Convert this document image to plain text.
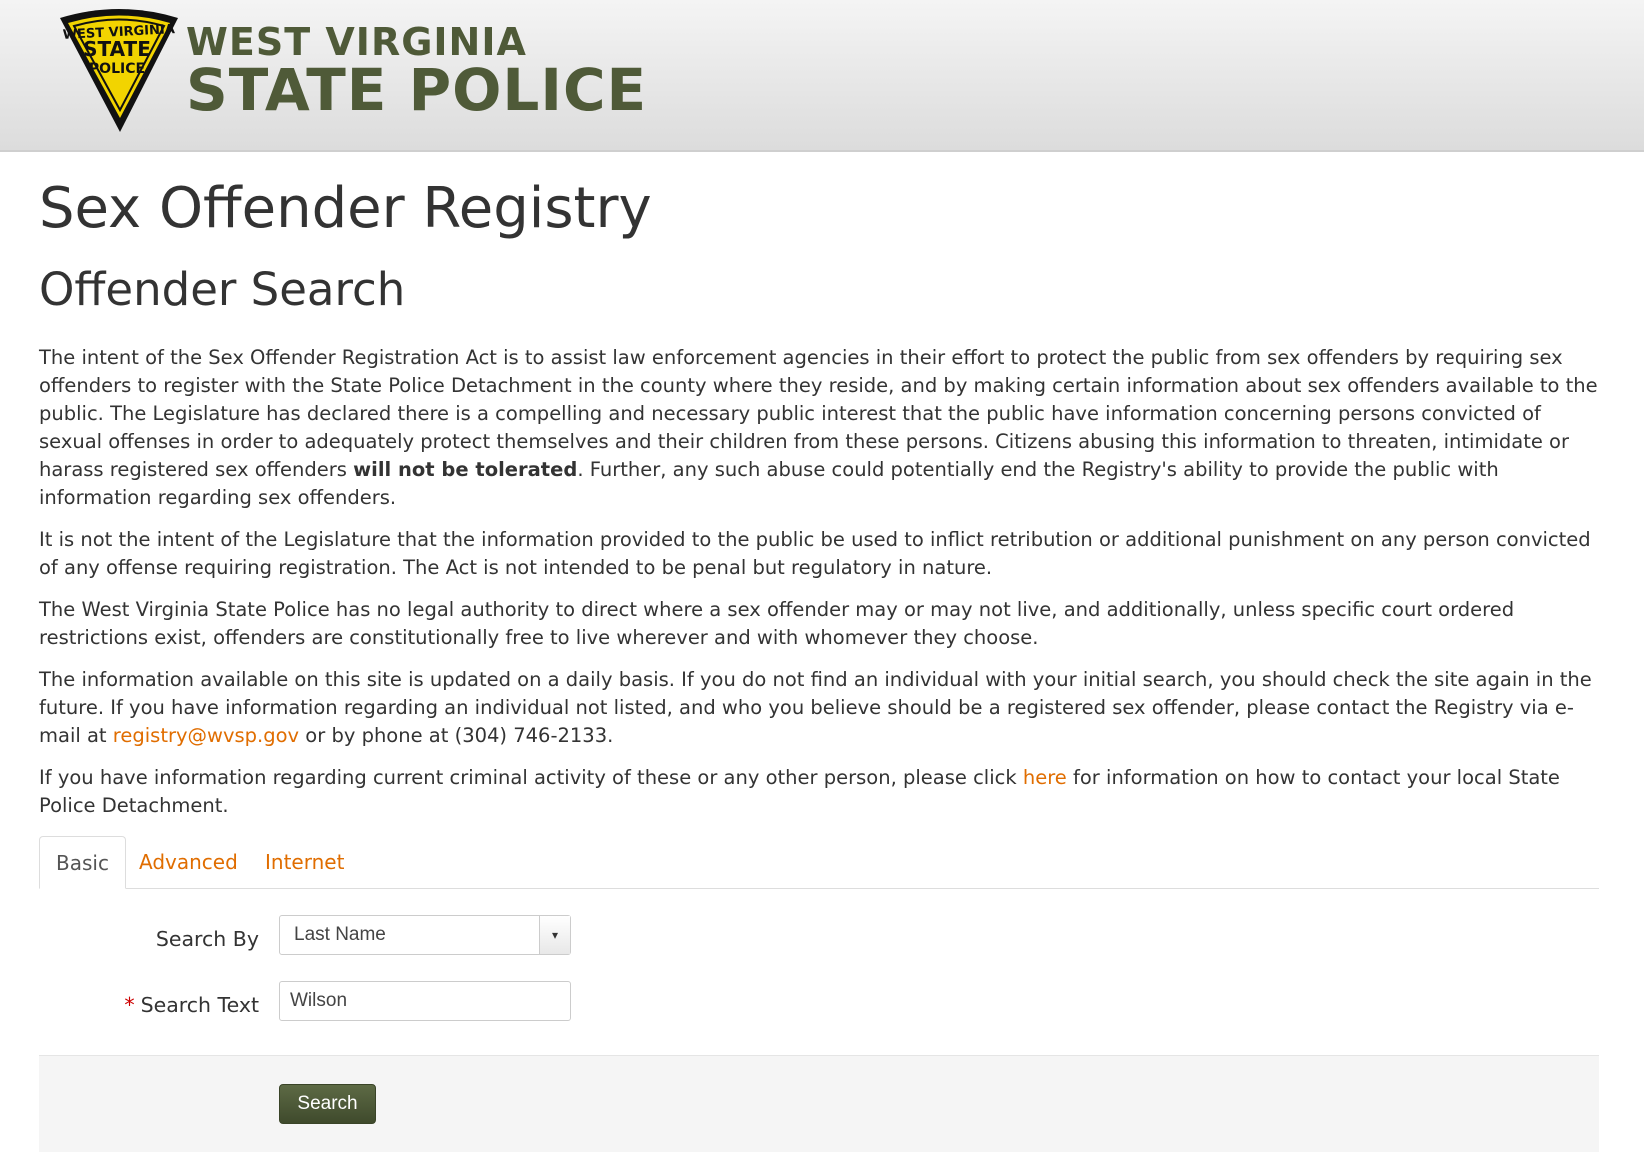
WEST VIRGINIA
STATE
POLICE
WEST VIRGINIA
STATE POLICE
Sex Offender Registry
Offender Search

The intent of the Sex Offender Registration Act is to assist law enforcement agencies in their effort to protect the public from sex offenders by requiring sex offenders to register with the State Police Detachment in the county where they reside, and by making certain information about sex offenders available to the public. The Legislature has declared there is a compelling and necessary public interest that the public have information concerning persons convicted of sexual offenses in order to adequately protect themselves and their children from these persons. Citizens abusing this information to threaten, intimidate or harass registered sex offenders will not be tolerated. Further, any such abuse could potentially end the Registry's ability to provide the public with information regarding sex offenders.

It is not the intent of the Legislature that the information provided to the public be used to inflict retribution or additional punishment on any person convicted of any offense requiring registration. The Act is not intended to be penal but regulatory in nature.

The West Virginia State Police has no legal authority to direct where a sex offender may or may not live, and additionally, unless specific court ordered restrictions exist, offenders are constitutionally free to live wherever and with whomever they choose.

The information available on this site is updated on a daily basis. If you do not find an individual with your initial search, you should check the site again in the future. If you have information regarding an individual not listed, and who you believe should be a registered sex offender, please contact the Registry via e-mail at registry@wvsp.gov or by phone at (304) 746-2133.

If you have information regarding current criminal activity of these or any other person, please click here for information on how to contact your local State Police Detachment.

Basic	Advanced	Internet
Search By Last Name	▾
* Search Text
Wilson
Search
